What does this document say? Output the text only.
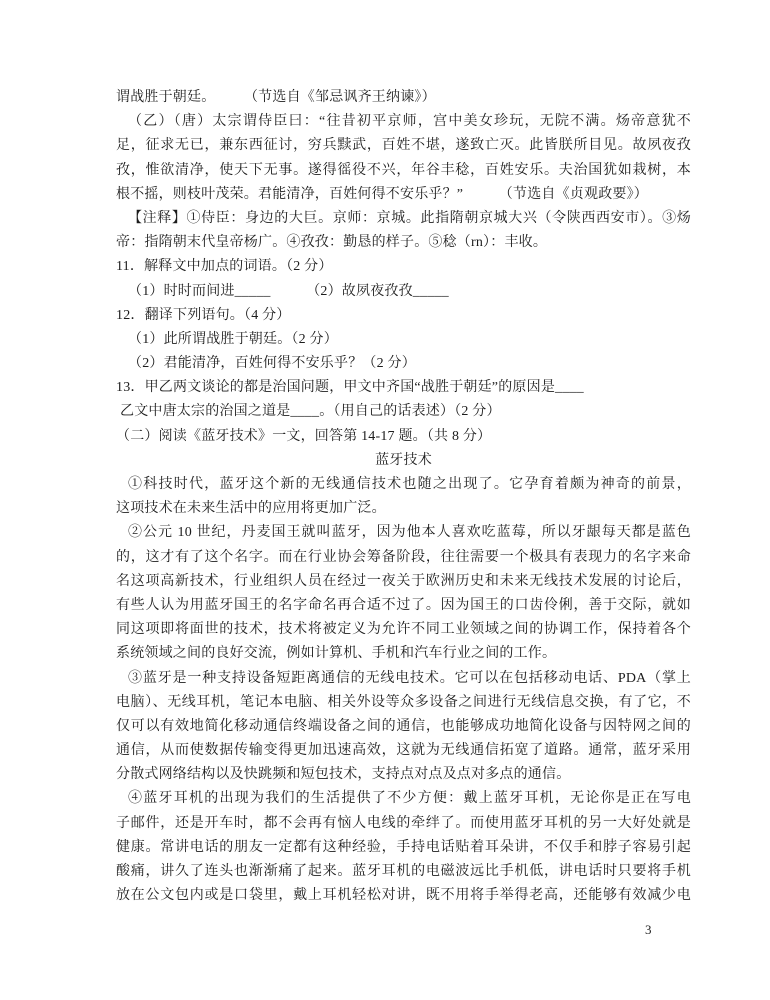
谓战胜于朝廷。　　　（节选自《邹忌讽齐王纳谏》）
（乙）（唐）太宗谓侍臣曰：“往昔初平京师，宫中美女珍玩，无院不满。炀帝意犹不
足，征求无已，兼东西征讨，穷兵黩武，百姓不堪，遂致亡灭。此皆朕所目见。故夙夜孜
孜，惟欲清净，使天下无事。遂得徭役不兴，年谷丰稔，百姓安乐。夫治国犹如栽树，本
根不摇，则枝叶茂荣。君能清净，百姓何得不安乐乎？”　　　（节选自《贞观政要》）
【注释】①侍臣：身边的大巨。京师：京城。此指隋朝京城大兴（令陕西西安市）。③炀
帝：指隋朝末代皇帝杨广。④孜孜：勤恳的样子。⑤稔（rn）：丰收。
11．解释文中加点的词语。（2 分）
（1）时时而间进_____　　　（2）故夙夜孜孜_____
12．翻译下列语句。（4 分）
（1）此所谓战胜于朝廷。（2 分）
（2）君能清净，百姓何得不安乐乎？（2 分）
13．甲乙两文谈论的都是治国问题，甲文中齐国“战胜于朝廷”的原因是____
乙文中唐太宗的治国之道是____。（用自己的话表述）（2 分）
（二）阅读《蓝牙技术》一文，回答第 14-17 题。（共 8 分）
蓝牙技术
①科技时代，蓝牙这个新的无线通信技术也随之出现了。它孕育着颇为神奇的前景，
这项技术在未来生活中的应用将更加广泛。
②公元 10 世纪，丹麦国王就叫蓝牙，因为他本人喜欢吃蓝莓，所以牙龈每天都是蓝色
的，这才有了这个名字。而在行业协会筹备阶段，往往需要一个极具有表现力的名字来命
名这项高新技术，行业组织人员在经过一夜关于欧洲历史和未来无线技术发展的讨论后，
有些人认为用蓝牙国王的名字命名再合适不过了。因为国王的口齿伶俐，善于交际，就如
同这项即将面世的技术，技术将被定义为允许不同工业领域之间的协调工作，保持着各个
系统领域之间的良好交流，例如计算机、手机和汽车行业之间的工作。
③蓝牙是一种支持设备短距离通信的无线电技术。它可以在包括移动电话、PDA（掌上
电脑）、无线耳机，笔记本电脑、相关外设等众多设备之间进行无线信息交换，有了它，不
仅可以有效地简化移动通信终端设备之间的通信，也能够成功地简化设备与因特网之间的
通信，从而使数据传输变得更加迅速高效，这就为无线通信拓宽了道路。通常，蓝牙采用
分散式网络结构以及快跳频和短包技术，支持点对点及点对多点的通信。
④蓝牙耳机的出现为我们的生活提供了不少方便：戴上蓝牙耳机，无论你是正在写电
子邮件，还是开车时，都不会再有恼人电线的牵绊了。而使用蓝牙耳机的另一大好处就是
健康。常讲电话的朋友一定都有这种经验，手持电话贴着耳朵讲，不仅手和脖子容易引起
酸痛，讲久了连头也渐渐痛了起来。蓝牙耳机的电磁波远比手机低，讲电话时只要将手机
放在公文包内或是口袋里，戴上耳机轻松对讲，既不用将手举得老高，还能够有效减少电
3
